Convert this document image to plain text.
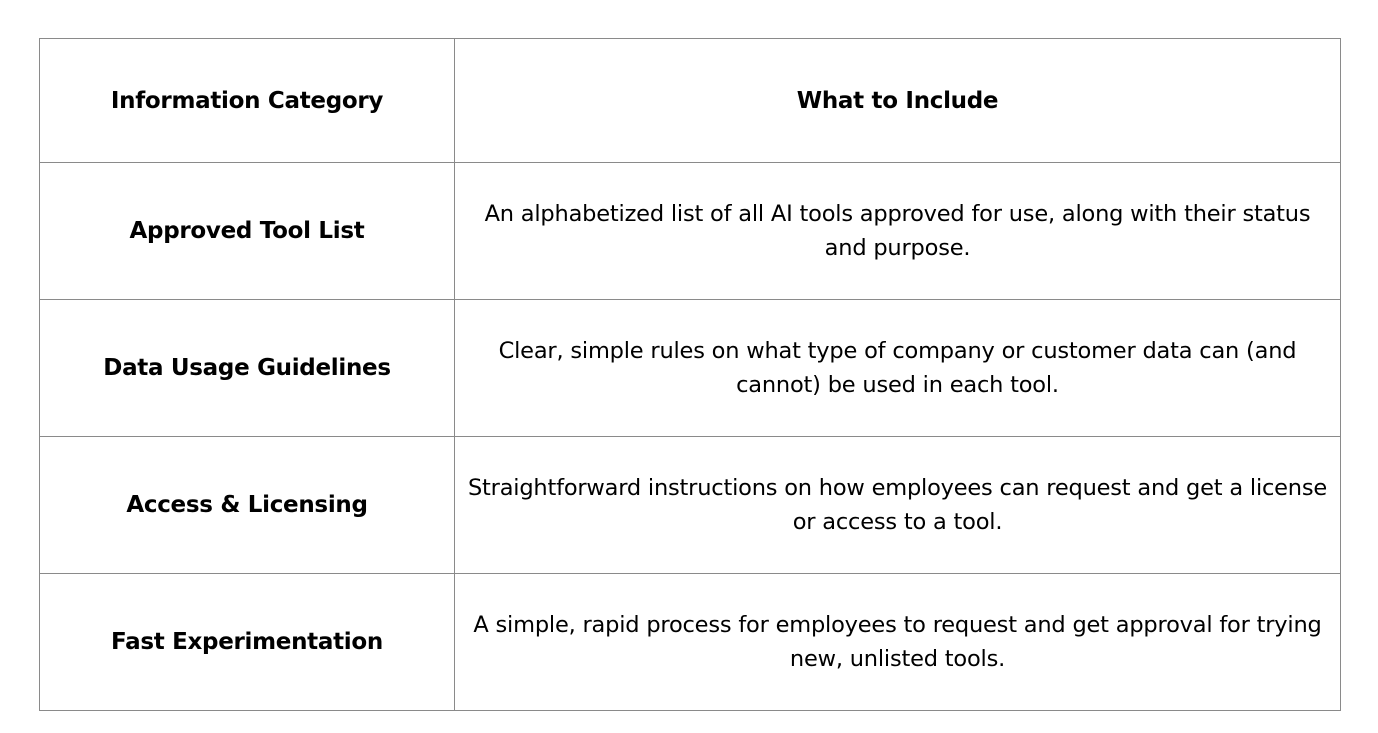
Information Category	What to Include
Approved Tool List	An alphabetized list of all AI tools approved for use, along with their status and purpose.
Data Usage Guidelines	Clear, simple rules on what type of company or customer data can (and cannot) be used in each tool.
Access & Licensing	Straightforward instructions on how employees can request and get a license or access to a tool.
Fast Experimentation	A simple, rapid process for employees to request and get approval for trying new, unlisted tools.
